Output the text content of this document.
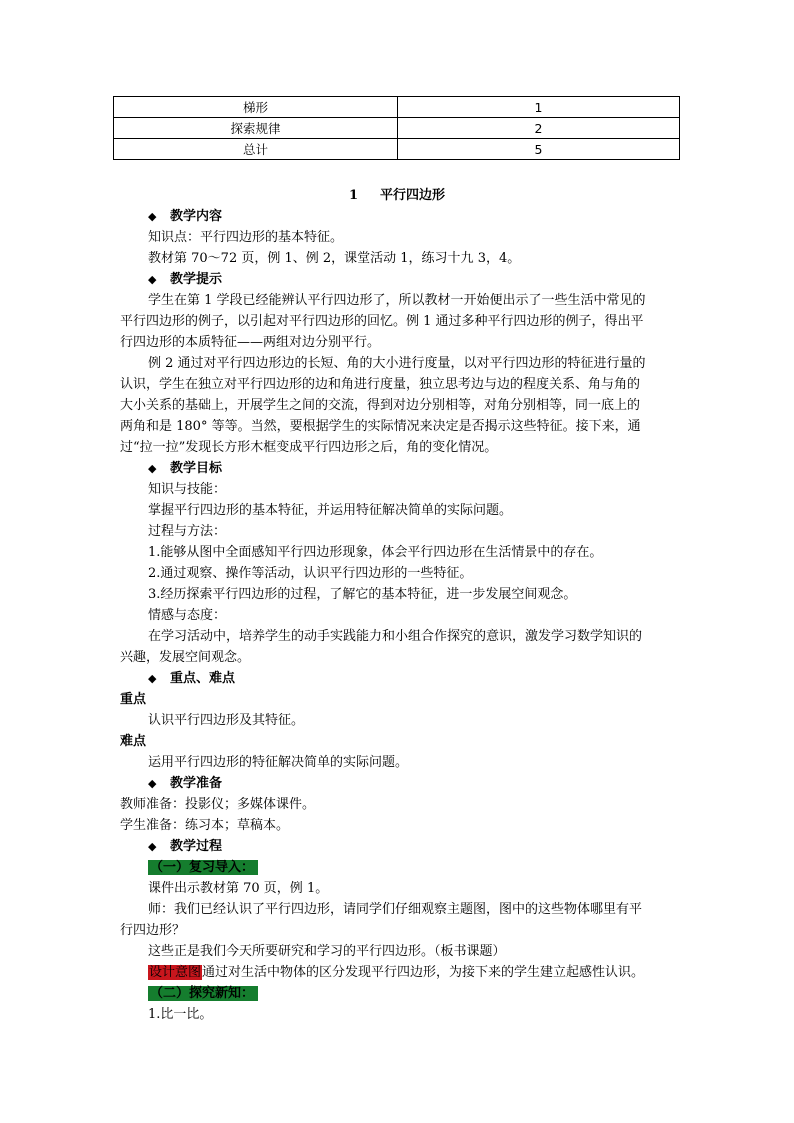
梯形	1
探索规律	2
总计	5
1 平行四边形
◆ 教学内容
知识点：平行四边形的基本特征。
教材第 70～72 页，例 1、例 2，课堂活动 1，练习十九 3，4。
◆ 教学提示
学生在第 1 学段已经能辨认平行四边形了，所以教材一开始便出示了一些生活中常见的
平行四边形的例子，以引起对平行四边形的回忆。例 1 通过多种平行四边形的例子，得出平
行四边形的本质特征——两组对边分别平行。
例 2 通过对平行四边形边的长短、角的大小进行度量，以对平行四边形的特征进行量的
认识，学生在独立对平行四边形的边和角进行度量，独立思考边与边的程度关系、角与角的
大小关系的基础上，开展学生之间的交流，得到对边分别相等，对角分别相等，同一底上的
两角和是 180° 等等。当然，要根据学生的实际情况来决定是否揭示这些特征。接下来，通
过“拉一拉”发现长方形木框变成平行四边形之后，角的变化情况。
◆ 教学目标
知识与技能：
掌握平行四边形的基本特征，并运用特征解决简单的实际问题。
过程与方法：
1.能够从图中全面感知平行四边形现象，体会平行四边形在生活情景中的存在。
2.通过观察、操作等活动，认识平行四边形的一些特征。
3.经历探索平行四边形的过程，了解它的基本特征，进一步发展空间观念。
情感与态度：
在学习活动中，培养学生的动手实践能力和小组合作探究的意识，激发学习数学知识的
兴趣，发展空间观念。
◆ 重点、难点
重点
认识平行四边形及其特征。
难点
运用平行四边形的特征解决简单的实际问题。
◆ 教学准备
教师准备：投影仪；多媒体课件。
学生准备：练习本；草稿本。
◆ 教学过程
（一）复习导入：
课件出示教材第 70 页，例 1。
师：我们已经认识了平行四边形，请同学们仔细观察主题图，图中的这些物体哪里有平
行四边形？
这些正是我们今天所要研究和学习的平行四边形。（板书课题）
设计意图通过对生活中物体的区分发现平行四边形，为接下来的学生建立起感性认识。
（二）探究新知：
1.比一比。
